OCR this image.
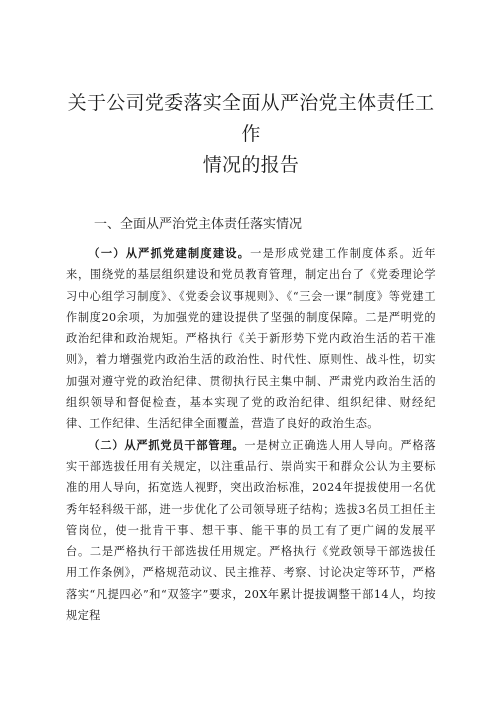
关于公司党委落实全面从严治党主体责任工作
情况的报告
一、全面从严治党主体责任落实情况

（一）从严抓党建制度建设。一是形成党建工作制度体系。近年来，围绕党的基层组织建设和党员教育管理，制定出台了《党委理论学习中心组学习制度》、《党委会议事规则》、《“三会一课”制度》等党建工作制度20余项，为加强党的建设提供了坚强的制度保障。二是严明党的政治纪律和政治规矩。严格执行《关于新形势下党内政治生活的若干准则》，着力增强党内政治生活的政治性、时代性、原则性、战斗性，切实加强对遵守党的政治纪律、贯彻执行民主集中制、严肃党内政治生活的组织领导和督促检查，基本实现了党的政治纪律、组织纪律、财经纪律、工作纪律、生活纪律全面覆盖，营造了良好的政治生态。

（二）从严抓党员干部管理。一是树立正确选人用人导向。严格落实干部选拔任用有关规定，以注重品行、崇尚实干和群众公认为主要标准的用人导向，拓宽选人视野，突出政治标准，2024年提拔使用一名优秀年轻科级干部，进一步优化了公司领导班子结构；选拔3名员工担任主管岗位，使一批肯干事、想干事、能干事的员工有了更广阔的发展平台。二是严格执行干部选拔任用规定。严格执行《党政领导干部选拔任用工作条例》，严格规范动议、民主推荐、考察、讨论决定等环节，严格落实“凡提四必”和“双签字”要求，20X年累计提拔调整干部14人，均按规定程
